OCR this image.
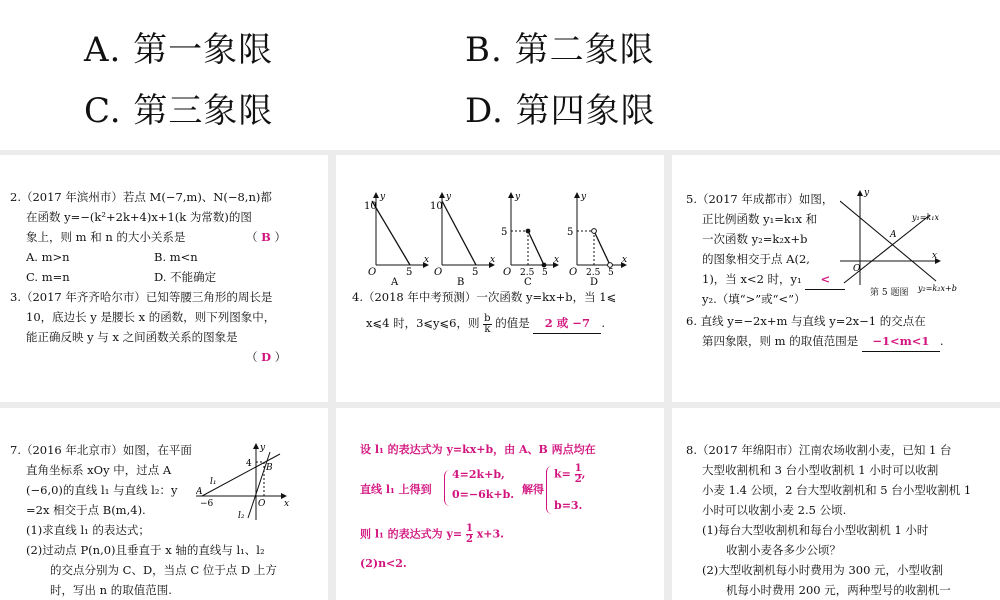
A. 第一象限	B. 第二象限
C. 第三象限	D. 第四象限
2.（2017 年滨州市）若点 M(−7,m)、N(−8,n)都
在函数 y=−(k²+2k+4)x+1(k 为常数)的图
象上，则 m 和 n 的大小关系是	（ B ）
A. m>n	B. m<n
C. m=n	D. 不能确定
3.（2017 年齐齐哈尔市）已知等腰三角形的周长是
10，底边长 y 是腰长 x 的函数，则下列图象中，
能正确反映 y 与 x 之间函数关系的图象是
（ D ）
10
O	5
x
y
A
10
O	5
x
y
B
5
O 2.5 5
x
y
C
5
O 2.5 5
x
y
D
4.（2018 年中考预测）一次函数 y=kx+b，当 1⩽
x⩽4 时，3⩽y⩽6，则 $\frac{b}{k}$ 的值是 2 或 −7 .
5.（2017 年成都市）如图，
正比例函数 y₁=k₁x 和
一次函数 y₂=k₂x+b
的图象相交于点 A(2,
1)，当 x<2 时，y₁ <
y₂.（填“>”或“<”）
y
x
O
A
y₁=k₁x
y₂=k₂x+b
第 5 题图
6. 直线 y=−2x+m 与直线 y=2x−1 的交点在
第四象限，则 m 的取值范围是 −1<m<1 .
7.（2016 年北京市）如图，在平面
直角坐标系 xOy 中，过点 A
(−6,0)的直线 l₁ 与直线 l₂：y
=2x 相交于点 B(m,4).
(1)求直线 l₁ 的表达式；
(2)过动点 P(n,0)且垂直于 x 轴的直线与 l₁、l₂
的交点分别为 C、D，当点 C 位于点 D 上方
时，写出 n 的取值范围.
4
−6
A
B
O
l₁
l₂
x
y	设 l₁ 的表达式为 y=kx+b，由 A、B 两点均在
直线 l₁ 上得到
4=2k+b,
0=−6k+b. 解得
$k= \frac{1}{2}$ ,
b=3.
则 l₁ 的表达式为 $y= \frac{1}{2} x+3$.
(2)n<2.
8.（2017 年绵阳市）江南农场收割小麦，已知 1 台
大型收割机和 3 台小型收割机 1 小时可以收割
小麦 1.4 公顷，2 台大型收割机和 5 台小型收割机 1
小时可以收割小麦 2.5 公顷.
(1)每台大型收割机和每台小型收割机 1 小时
收割小麦各多少公顷？
(2)大型收割机每小时费用为 300 元，小型收割
机每小时费用 200 元，两种型号的收割机一
